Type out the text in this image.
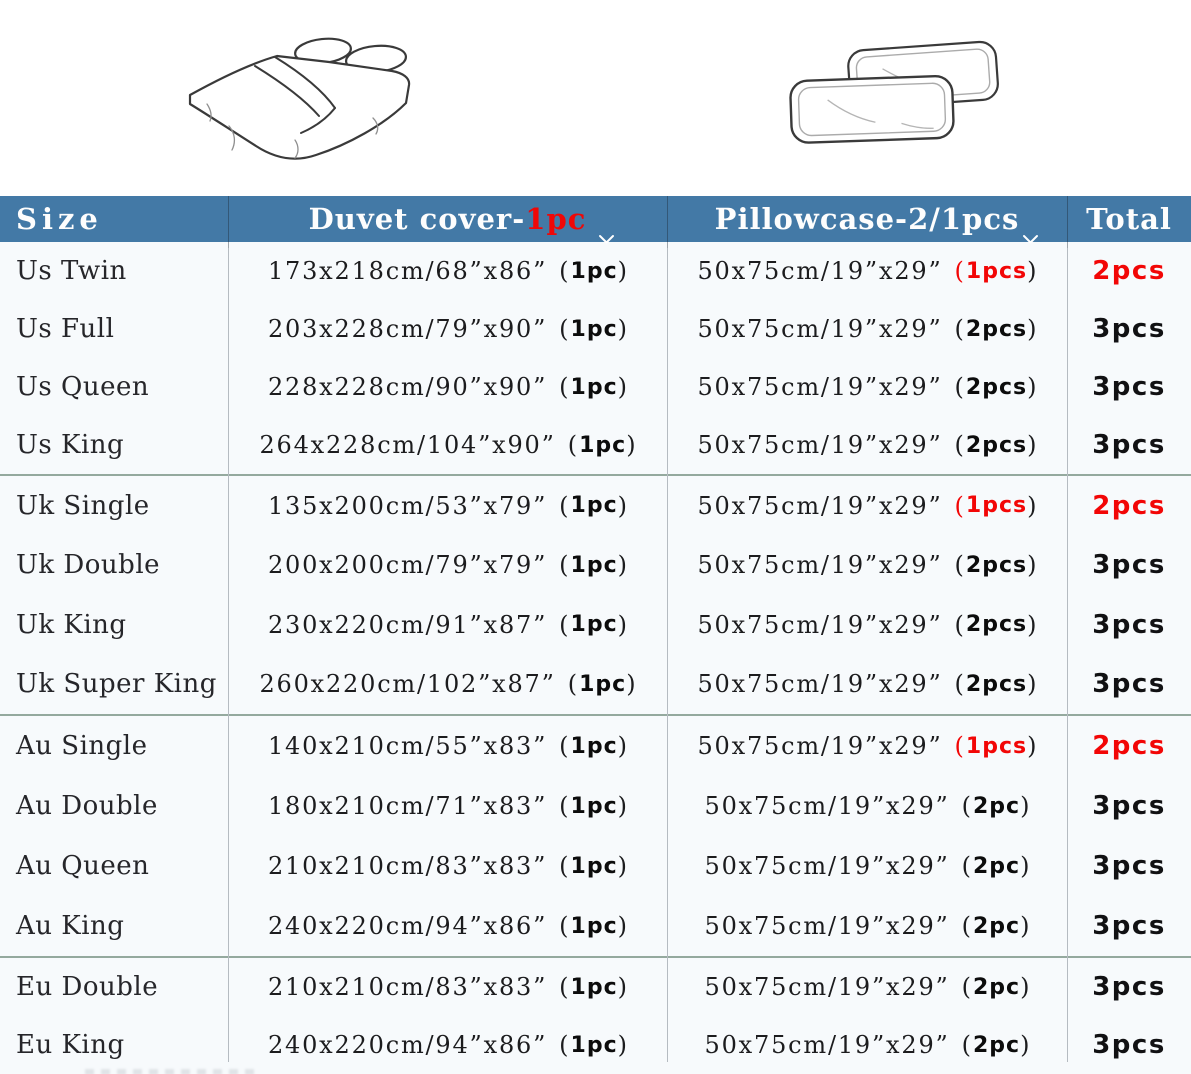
Size	Duvet cover- 1pc	Pillowcase-2/1pcs Total
Us Twin	173x218cm/68”x86” ( 1pc )	50x75cm/19”x29” ( 1pcs ) 2pcs
Us Full	203x228cm/79”x90” ( 1pc )	50x75cm/19”x29” ( 2pcs ) 3pcs
Us Queen	228x228cm/90”x90” ( 1pc )	50x75cm/19”x29” ( 2pcs ) 3pcs
Us King	264x228cm/104”x90” ( 1pc )	50x75cm/19”x29” ( 2pcs ) 3pcs
Uk Single	135x200cm/53”x79” ( 1pc )	50x75cm/19”x29” ( 1pcs ) 2pcs
Uk Double	200x200cm/79”x79” ( 1pc )	50x75cm/19”x29” ( 2pcs ) 3pcs
Uk King	230x220cm/91”x87” ( 1pc )	50x75cm/19”x29” ( 2pcs ) 3pcs
Uk Super King 260x220cm/102”x87” ( 1pc )	50x75cm/19”x29” ( 2pcs ) 3pcs
Au Single	140x210cm/55”x83” ( 1pc )	50x75cm/19”x29” ( 1pcs ) 2pcs
Au Double	180x210cm/71”x83” ( 1pc )	50x75cm/19”x29” ( 2pc ) 3pcs
Au Queen	210x210cm/83”x83” ( 1pc )	50x75cm/19”x29” ( 2pc ) 3pcs
Au King	240x220cm/94”x86” ( 1pc )	50x75cm/19”x29” ( 2pc ) 3pcs
Eu Double	210x210cm/83”x83” ( 1pc )	50x75cm/19”x29” ( 2pc ) 3pcs
Eu King	240x220cm/94”x86” ( 1pc )	50x75cm/19”x29” ( 2pc ) 3pcs
